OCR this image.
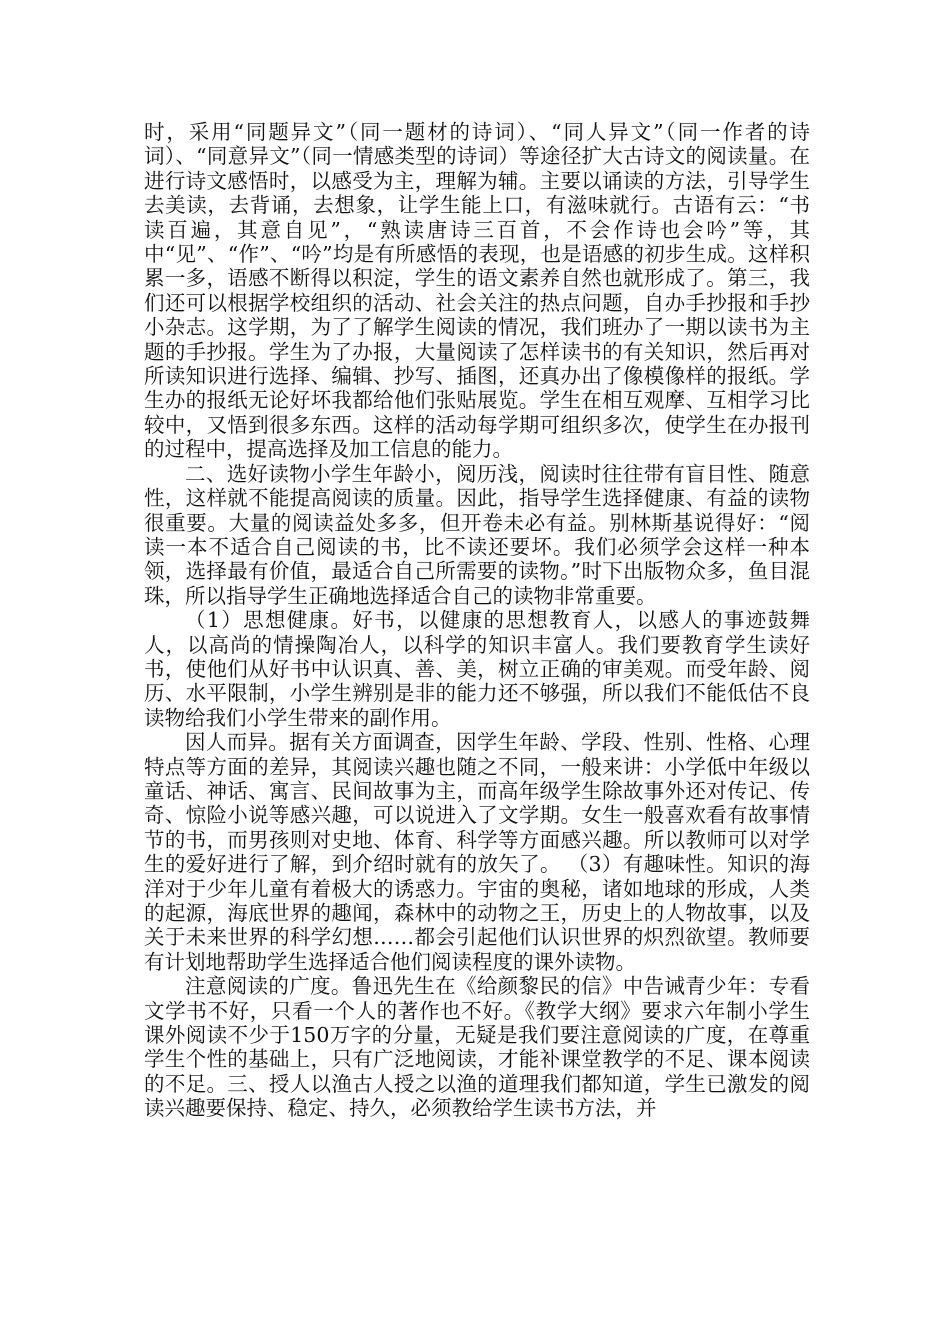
时，采用“同题异文”（同一题材的诗词）、“同人异文”（同一作者的诗词）、“同意异文”（同一情感类型的诗词）等途径扩大古诗文的阅读量。在进行诗文感悟时，以感受为主，理解为辅。主要以诵读的方法，引导学生去美读，去背诵，去想象，让学生能上口，有滋味就行。古语有云：“书读百遍，其意自见”，“熟读唐诗三百首，不会作诗也会吟”等，其中“见”、“作”、“吟”均是有所感悟的表现，也是语感的初步生成。这样积累一多，语感不断得以积淀，学生的语文素养自然也就形成了。第三，我们还可以根据学校组织的活动、社会关注的热点问题，自办手抄报和手抄小杂志。这学期，为了了解学生阅读的情况，我们班办了一期以读书为主题的手抄报。学生为了办报，大量阅读了怎样读书的有关知识，然后再对所读知识进行选择、编辑、抄写、插图，还真办出了像模像样的报纸。学生办的报纸无论好坏我都给他们张贴展览。学生在相互观摩、互相学习比较中，又悟到很多东西。这样的活动每学期可组织多次，使学生在办报刊的过程中，提高选择及加工信息的能力。

二、选好读物小学生年龄小，阅历浅，阅读时往往带有盲目性、随意性，这样就不能提高阅读的质量。因此，指导学生选择健康、有益的读物很重要。大量的阅读益处多多，但开卷未必有益。别林斯基说得好：“阅读一本不适合自己阅读的书，比不读还要坏。我们必须学会这样一种本领，选择最有价值，最适合自己所需要的读物。”时下出版物众多，鱼目混珠，所以指导学生正确地选择适合自己的读物非常重要。

（1）思想健康。好书，以健康的思想教育人，以感人的事迹鼓舞人，以高尚的情操陶冶人，以科学的知识丰富人。我们要教育学生读好书，使他们从好书中认识真、善、美，树立正确的审美观。而受年龄、阅历、水平限制，小学生辨别是非的能力还不够强，所以我们不能低估不良读物给我们小学生带来的副作用。

因人而异。据有关方面调查，因学生年龄、学段、性别、性格、心理特点等方面的差异，其阅读兴趣也随之不同，一般来讲：小学低中年级以童话、神话、寓言、民间故事为主，而高年级学生除故事外还对传记、传奇、惊险小说等感兴趣，可以说进入了文学期。女生一般喜欢看有故事情节的书，而男孩则对史地、体育、科学等方面感兴趣。所以教师可以对学生的爱好进行了解，到介绍时就有的放矢了。 （3）有趣味性。知识的海洋对于少年儿童有着极大的诱惑力。宇宙的奥秘，诸如地球的形成，人类的起源，海底世界的趣闻，森林中的动物之王，历史上的人物故事，以及关于未来世界的科学幻想……都会引起他们认识世界的炽烈欲望。教师要有计划地帮助学生选择适合他们阅读程度的课外读物。

注意阅读的广度。鲁迅先生在《给颜黎民的信》中告诫青少年：专看文学书不好，只看一个人的著作也不好。《教学大纲》要求六年制小学生课外阅读不少于150万字的分量，无疑是我们要注意阅读的广度，在尊重学生个性的基础上，只有广泛地阅读，才能补课堂教学的不足、课本阅读的不足。三、授人以渔古人授之以渔的道理我们都知道，学生已激发的阅读兴趣要保持、稳定、持久，必须教给学生读书方法，并
